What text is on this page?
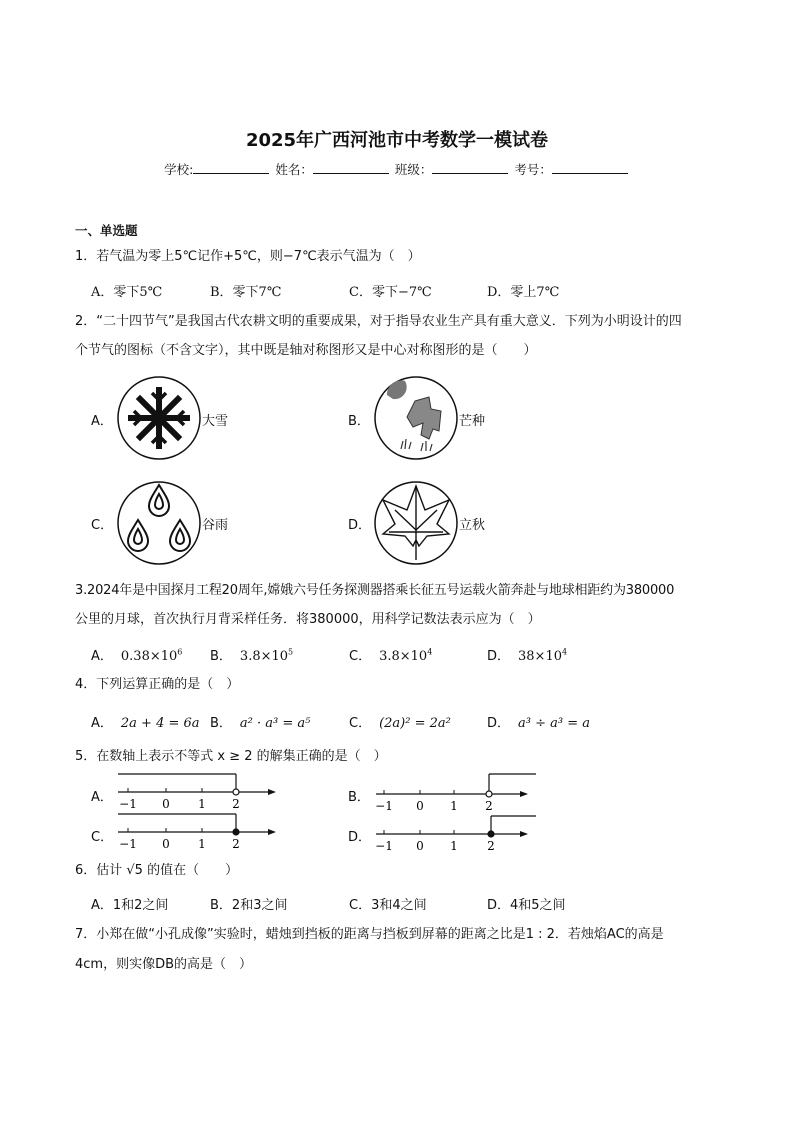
2025年广西河池市中考数学一模试卷
学校:	姓名：	班级：	考号：
一、单选题
1．若气温为零上5℃记作+5℃，则−7℃表示气温为（　）
A．零下5℃	B．零下7℃	C．零下−7℃	D．零上7℃
2．“二十四节气”是我国古代农耕文明的重要成果，对于指导农业生产具有重大意义．下列为小明设计的四
个节气的图标（不含文字），其中既是轴对称图形又是中心对称图形的是（　　）
A．	大雪	B．	芒种
C．	谷雨	D．	立秋
3.2024年是中国探月工程20周年,嫦娥六号任务探测器搭乘长征五号运载火箭奔赴与地球相距约为380000
公里的月球，首次执行月背采样任务．将380000，用科学记数法表示应为（　）
A． $0.38\times 10^6$ B． $3.8\times 10^5$	C． $3.8\times 10^4$	D． $38\times 10^4$
4．下列运算正确的是（　）
A． 2a + 4 = 6a B． a² · a³ = a⁵	C． (2a)² = 2a²	D． a³ ÷ a³ = a
5．在数轴上表示不等式 x ≥ 2 的解集正确的是（　）
A． −1 0 1 2	B．
−1 0 1 2
C． −1 0 1 2	D．
−1 0 1 2
6．估计 √5 的值在（　　）
A．1和2之间	B．2和3之间	C．3和4之间	D．4和5之间
7．小郑在做“小孔成像”实验时，蜡烛到挡板的距离与挡板到屏幕的距离之比是1 : 2．若烛焰AC的高是
4cm，则实像DB的高是（　）
